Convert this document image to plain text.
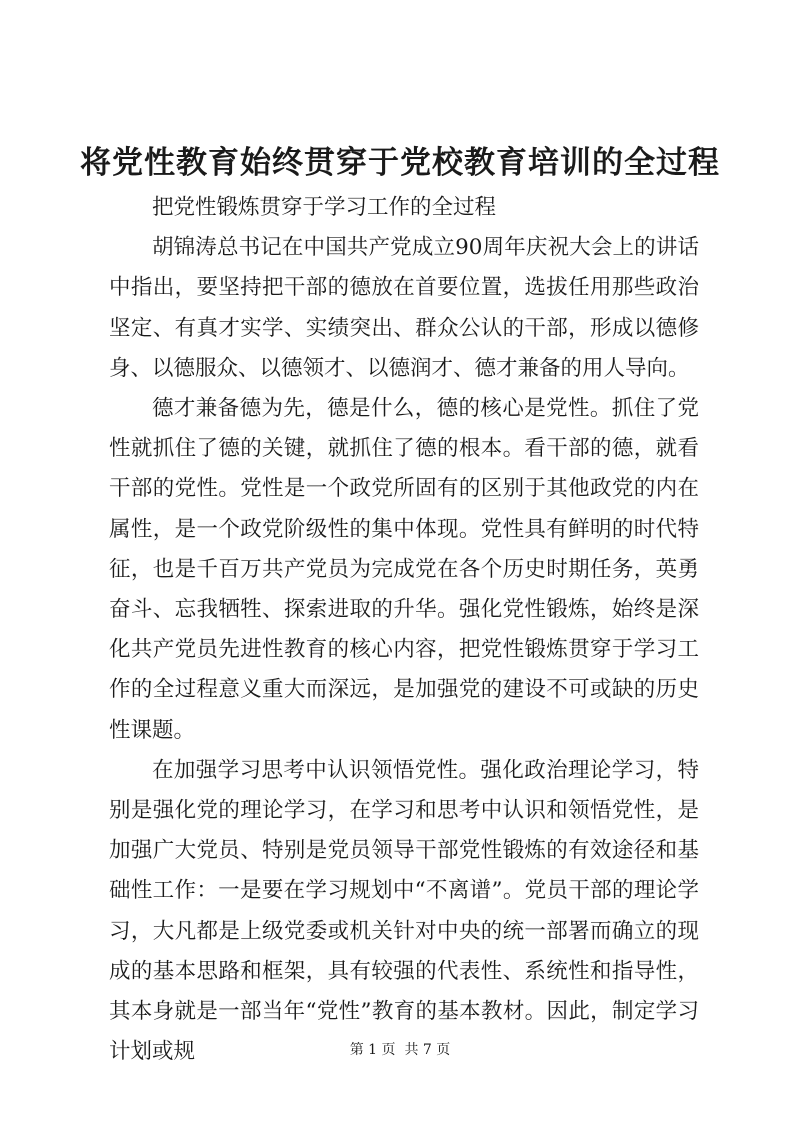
将党性教育始终贯穿于党校教育培训的全过程

把党性锻炼贯穿于学习工作的全过程

胡锦涛总书记在中国共产党成立90周年庆祝大会上的讲话中指出，要坚持把干部的德放在首要位置，选拔任用那些政治坚定、有真才实学、实绩突出、群众公认的干部，形成以德修身、以德服众、以德领才、以德润才、德才兼备的用人导向。

德才兼备德为先，德是什么，德的核心是党性。抓住了党性就抓住了德的关键，就抓住了德的根本。看干部的德，就看干部的党性。党性是一个政党所固有的区别于其他政党的内在属性，是一个政党阶级性的集中体现。党性具有鲜明的时代特征，也是千百万共产党员为完成党在各个历史时期任务，英勇奋斗、忘我牺牲、探索进取的升华。强化党性锻炼，始终是深化共产党员先进性教育的核心内容，把党性锻炼贯穿于学习工作的全过程意义重大而深远，是加强党的建设不可或缺的历史性课题。

在加强学习思考中认识领悟党性。强化政治理论学习，特别是强化党的理论学习，在学习和思考中认识和领悟党性，是加强广大党员、特别是党员领导干部党性锻炼的有效途径和基础性工作：一是要在学习规划中“不离谱”。党员干部的理论学习，大凡都是上级党委或机关针对中央的统一部署而确立的现成的基本思路和框架，具有较强的代表性、系统性和指导性，其本身就是一部当年“党性”教育的基本教材。因此，制定学习计划或规	第 1 页  共 7 页
